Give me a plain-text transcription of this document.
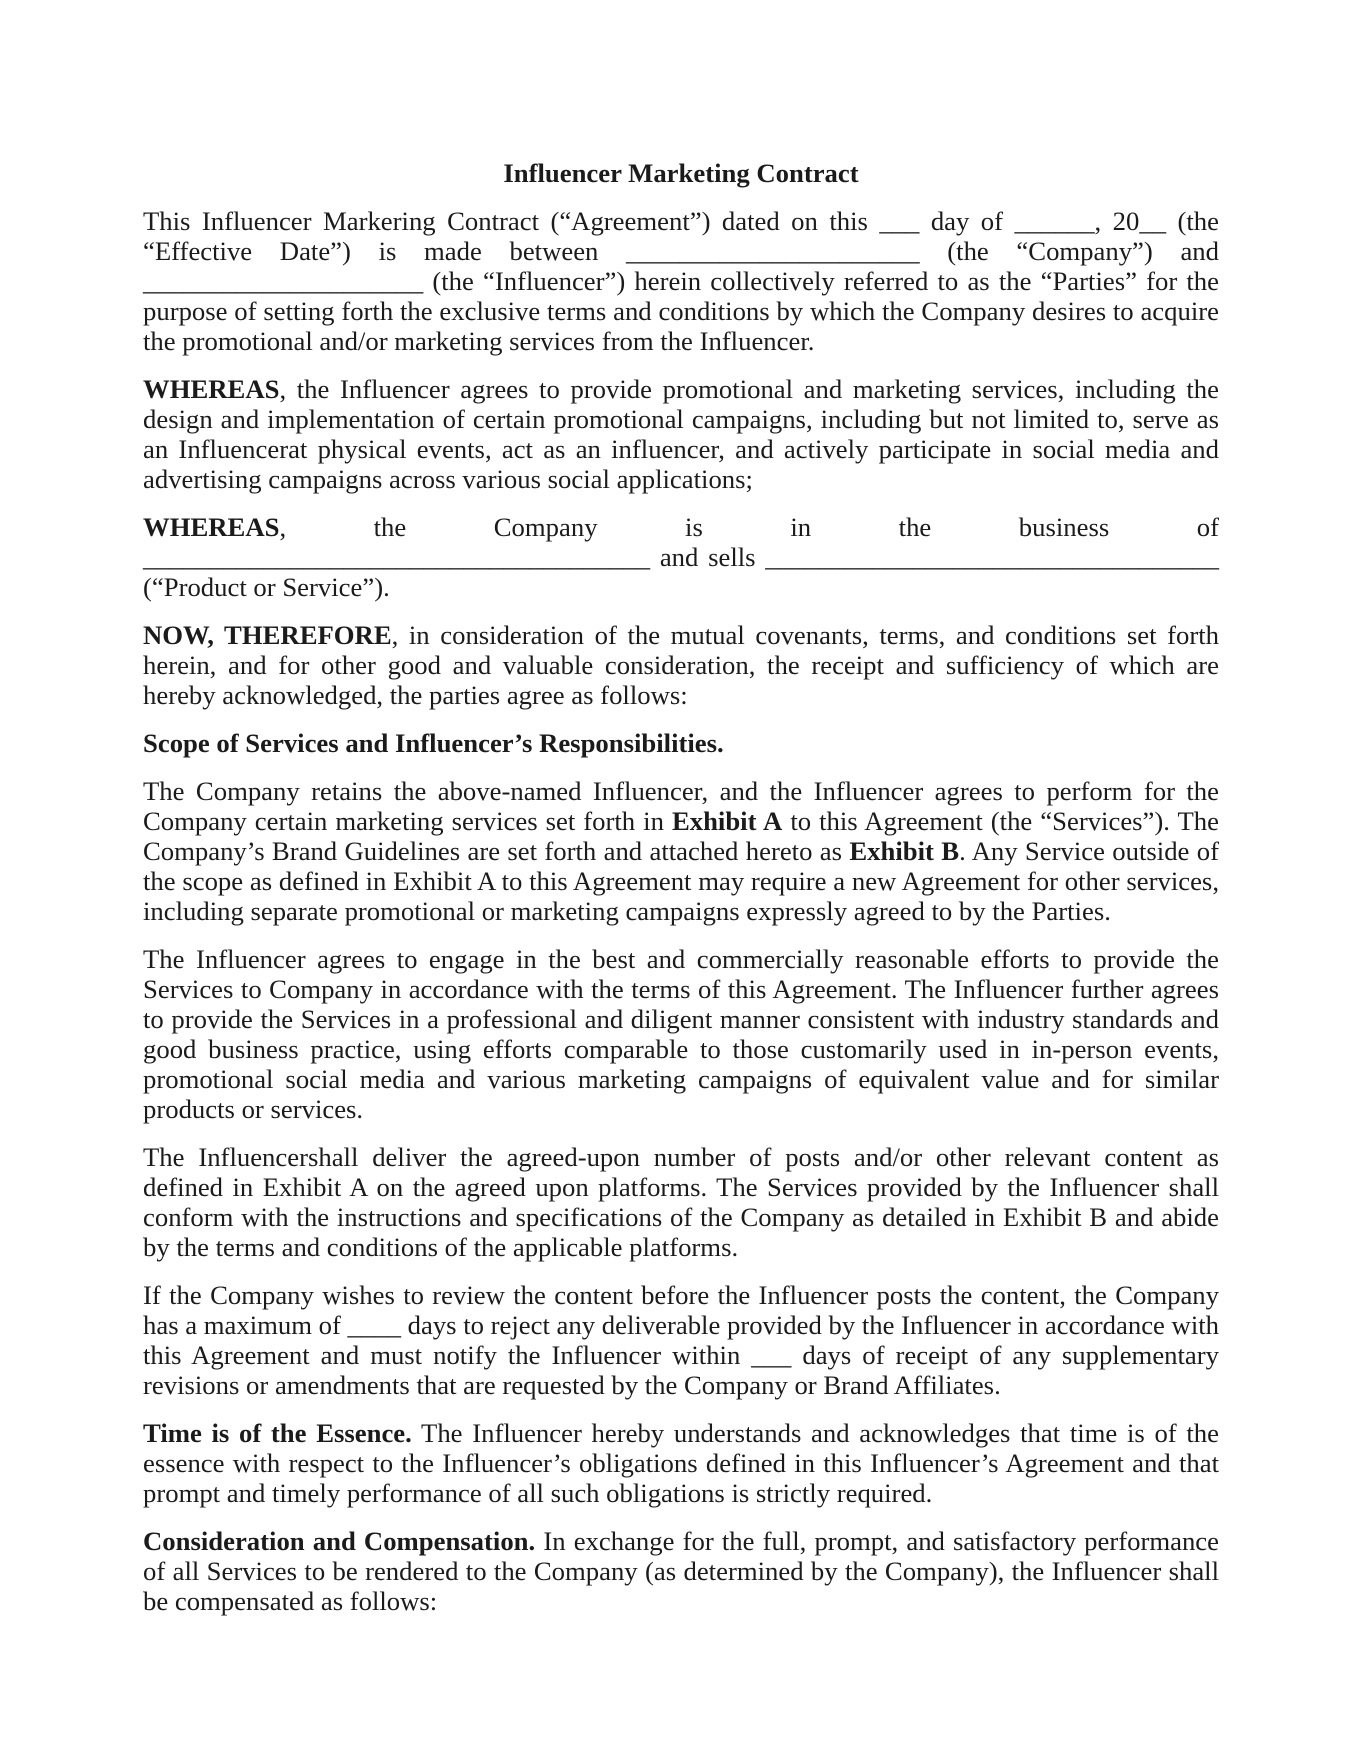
Influencer Marketing Contract

This Influencer Markering Contract (“Agreement”) dated on this ___ day of ______, 20__ (the “Effective Date”) is made between ______________________ (the “Company”) and _____________________ (the “Influencer”) herein collectively referred to as the “Parties” for the purpose of setting forth the exclusive terms and conditions by which the Company desires to acquire the promotional and/or marketing services from the Influencer.

WHEREAS, the Influencer agrees to provide promotional and marketing services, including the design and implementation of certain promotional campaigns, including but not limited to, serve as an Influencerat physical events, act as an influencer, and actively participate in social media and advertising campaigns across various social applications;

WHEREAS, the Company is in the business of ______________________________________ and sells __________________________________ (“Product or Service”).

NOW, THEREFORE, in consideration of the mutual covenants, terms, and conditions set forth herein, and for other good and valuable consideration, the receipt and sufficiency of which are hereby acknowledged, the parties agree as follows:

Scope of Services and Influencer’s Responsibilities.

The Company retains the above-named Influencer, and the Influencer agrees to perform for the Company certain marketing services set forth in Exhibit A to this Agreement (the “Services”). The Company’s Brand Guidelines are set forth and attached hereto as Exhibit B. Any Service outside of the scope as defined in Exhibit A to this Agreement may require a new Agreement for other services, including separate promotional or marketing campaigns expressly agreed to by the Parties.

The Influencer agrees to engage in the best and commercially reasonable efforts to provide the Services to Company in accordance with the terms of this Agreement. The Influencer further agrees to provide the Services in a professional and diligent manner consistent with industry standards and good business practice, using efforts comparable to those customarily used in in-person events, promotional social media and various marketing campaigns of equivalent value and for similar products or services.

The Influencershall deliver the agreed-upon number of posts and/or other relevant content as defined in Exhibit A on the agreed upon platforms. The Services provided by the Influencer shall conform with the instructions and specifications of the Company as detailed in Exhibit B and abide by the terms and conditions of the applicable platforms.

If the Company wishes to review the content before the Influencer posts the content, the Company has a maximum of ____ days to reject any deliverable provided by the Influencer in accordance with this Agreement and must notify the Influencer within ___ days of receipt of any supplementary revisions or amendments that are requested by the Company or Brand Affiliates.

Time is of the Essence. The Influencer hereby understands and acknowledges that time is of the essence with respect to the Influencer’s obligations defined in this Influencer’s Agreement and that prompt and timely performance of all such obligations is strictly required.

Consideration and Compensation. In exchange for the full, prompt, and satisfactory performance of all Services to be rendered to the Company (as determined by the Company), the Influencer shall be compensated as follows:
